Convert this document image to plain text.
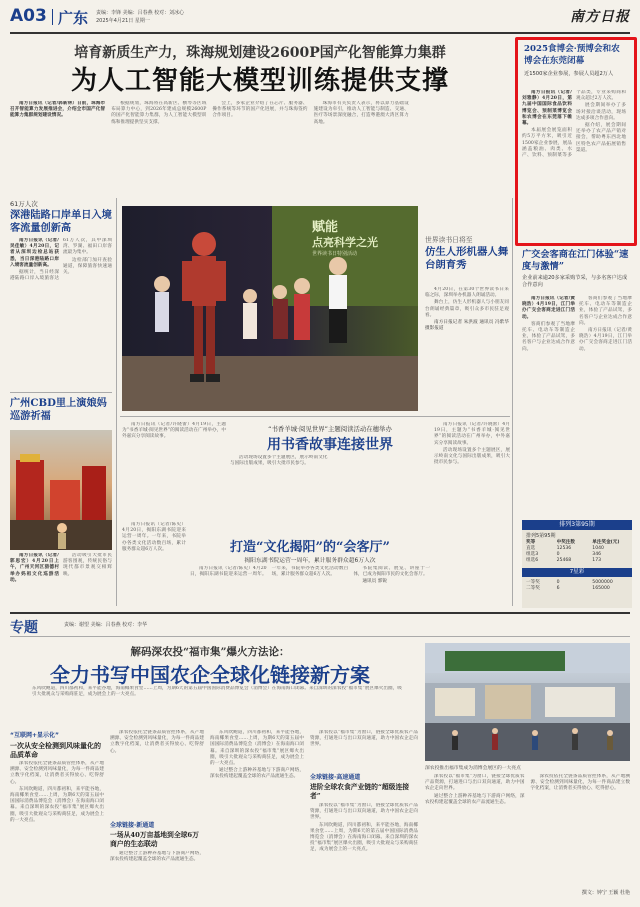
A03 广东 责编：李锋 美编：吕春燕 校对：刘冰心
2025年4月21日 星期一	南方日报
培育新质生产力，珠海规划建设2600P国产化智能算力集群
为人工智能大模型训练提供支撑

南方日报讯（记者/郭新林）日前，珠海市召开智能算力发展推进会，介绍全市国产化智能算力集群规划建设情况。

根据规划，珠海将在高新区、横琴等区域布局算力中心，到2026年建成总规模2600P的国产化智能算力集群，为人工智能大模型训练和推理提供坚实支撑。

会上，多家企业介绍了在芯片、服务器、操作系统等环节的国产化进展，并与珠海签约合作项目。

珠海市有关负责人表示，将以算力基础设施建设为牵引，推动人工智能与制造、交通、医疗等场景深度融合，打造粤港澳大湾区算力高地。

2025食博会·预博会和农博会在东莞闭幕
近1500家企业参展，参展人员超2万人

南方日报讯（记者/刘雅静）4月20日，第九届中国国际食品饮料博览会、预制菜博览会和农博会在东莞落下帷幕。

本届展会展览面积约5万平方米，吸引近1500家企业参展，展品涵盖粮油、肉类、水产、饮料、预制菜等多个品类，专业采购商和观众超过2万人次。

展会期间举办了多场对接洽谈活动，现场达成多项合作意向。

据介绍，展会期间还举办了农产品产销对接会，帮助粤东西北地区特色农产品拓展销售渠道。

61万人次
深港陆路口岸单日入境客流量创新高

南方日报讯（记者/吴佳敏）4月20日，记者从深圳边检总站获悉，当日深港陆路口岸入境客流量创新高。

据统计，当日经深港陆路口岸入境旅客达61万人次，其中深圳湾、罗湖、福田口岸客流最为集中。

边检部门加开查验通道，保障旅客快速通关。

广州CBD里上演娘妈巡游祈福

南方日报讯（记者/郭思宏）4月20日上午，广州天河区猎德村举办妈祖文化巡游活动。

活动吸引大批市民游客围观，传统民俗与现代都市景观交相辉映。

赋能
点亮科学之光
世界读书日特别活动
世界读书日将至
仿生人形机器人舞台朗育秀

4月20日，在第30个世界读书日来临之际，深圳举办机器人朗诵活动。

舞台上，仿生人形机器人与小朋友同台朗诵经典篇章，吸引众多市民驻足观看。

南方日报记者 朱洪波 通讯员 冯紫华 摄影报道

南方日报讯（记者/许晓蕾）4月19日，主题为“书香羊城·阅见世界”的阅读活动在广州举办，中外嘉宾分享阅读故事。

“书香羊城·阅见世界”主题阅读活动在穗举办
用书香故事连接世界

活动现场设置多个主题展区，展示岭南文化与国际出版成果，吸引大批市民参与。

南方日报讯（记者/许晓蕾）4月19日，主题为“书香羊城·阅见世界”的阅读活动在广州举办，中外嘉宾分享阅读故事。

活动现场设置多个主题展区，展示岭南文化与国际出版成果，吸引大批市民参与。

打造“文化揭阳”的“会客厅”
揭阳东湖书院运营一周年，累计服务群众超6万人次

南方日报讯（记者/陈史）4月20日，揭阳东湖书院迎来运营一周年。一年来，书院举办各类文化活动数百场，累计服务群众超6万人次。

南方日报讯（记者/陈史）4月20日，揭阳东湖书院迎来运营一周年。一年来，书院举办各类文化活动数百场，累计服务群众超6万人次。

书院集阅读、展览、讲座于一体，已成为揭阳市民的文化会客厅。

通讯员 郭锐

广交会客商在江门体验“速度与激情”
企业前来逾20多家采购节采，与多名客户达成合作意向

南方日报讯（记者/黄晓浩）4月19日，江门举办广交会客商走进江门活动。

客商们参观了当地摩托车、电动车等制造企业，体验了产品试驾，多名客户与企业达成合作意向。

客商们参观了当地摩托车、电动车等制造企业，体验了产品试驾，多名客户与企业达成合作意向。

南方日报讯（记者/黄晓浩）4月19日，江门举办广交会客商走进江门活动。

排列3第95期
排列5第95期
奖等	中奖注数	单注奖金(元)
直选	12536	1040
组选3	0	346
组选6	25468	173
7星彩
一等奖	0	5000000
二等奖	6	165000
专题	责编：谢望 美编：吕春燕 校对：李华
解码深农投“福市集”爆火方法论：
全力书写中国农企全球化链接新方案

东风吹鲍道，四川都初和，来平能谷地，海南椰果食堂……上周，为期6天的第五届中国国际消费品博览会（消博会）在海南海口闭幕。来自深圳的深农投“福市集”展区爆火出圈，吸引大批观众与采购商驻足，成为展会上的一大亮点。

深农投推出福市集成为消博会展区的一大亮点
“互联网+显示化”
一次从安全检测到风味量化的品质革命

深农投依托全链条品质管控体系，从产地溯源、安全检测到风味量化，为每一件商品建立数字化档案，让消费者买得放心、吃得舒心。

东风吹鲍道，四川都初和，来平能谷地，海南椰果食堂……上周，为期6天的第五届中国国际消费品博览会（消博会）在海南海口闭幕。来自深圳的深农投“福市集”展区爆火出圈，吸引大批观众与采购商驻足，成为展会上的一大亮点。

深农投依托全链条品质管控体系，从产地溯源、安全检测到风味量化，为每一件商品建立数字化档案，让消费者买得放心、吃得舒心。

全球链接·新通道
一场从40万亩基地到全球6万商户的生态联动

通过整合上游种养基地与下游商户网络，深农投构建起覆盖全球的农产品流通生态。

东风吹鲍道，四川都初和，来平能谷地，海南椰果食堂……上周，为期6天的第五届中国国际消费品博览会（消博会）在海南海口闭幕。来自深圳的深农投“福市集”展区爆火出圈，吸引大批观众与采购商驻足，成为展会上的一大亮点。

通过整合上游种养基地与下游商户网络，深农投构建起覆盖全球的农产品流通生态。

深农投以“福市集”为窗口，链接全球优质农产品资源，打通进口与出口双向通道，助力中国农企走向世界。

全球链接·高速通道
进阶全球农食产业链的“超级连接者”

深农投以“福市集”为窗口，链接全球优质农产品资源，打通进口与出口双向通道，助力中国农企走向世界。

东风吹鲍道，四川都初和，来平能谷地，海南椰果食堂……上周，为期6天的第五届中国国际消费品博览会（消博会）在海南海口闭幕。来自深圳的深农投“福市集”展区爆火出圈，吸引大批观众与采购商驻足，成为展会上的一大亮点。

深农投以“福市集”为窗口，链接全球优质农产品资源，打通进口与出口双向通道，助力中国农企走向世界。

通过整合上游种养基地与下游商户网络，深农投构建起覆盖全球的农产品流通生态。

深农投依托全链条品质管控体系，从产地溯源、安全检测到风味量化，为每一件商品建立数字化档案，让消费者买得放心、吃得舒心。

撰文：钟宁 王颖 杜艳
